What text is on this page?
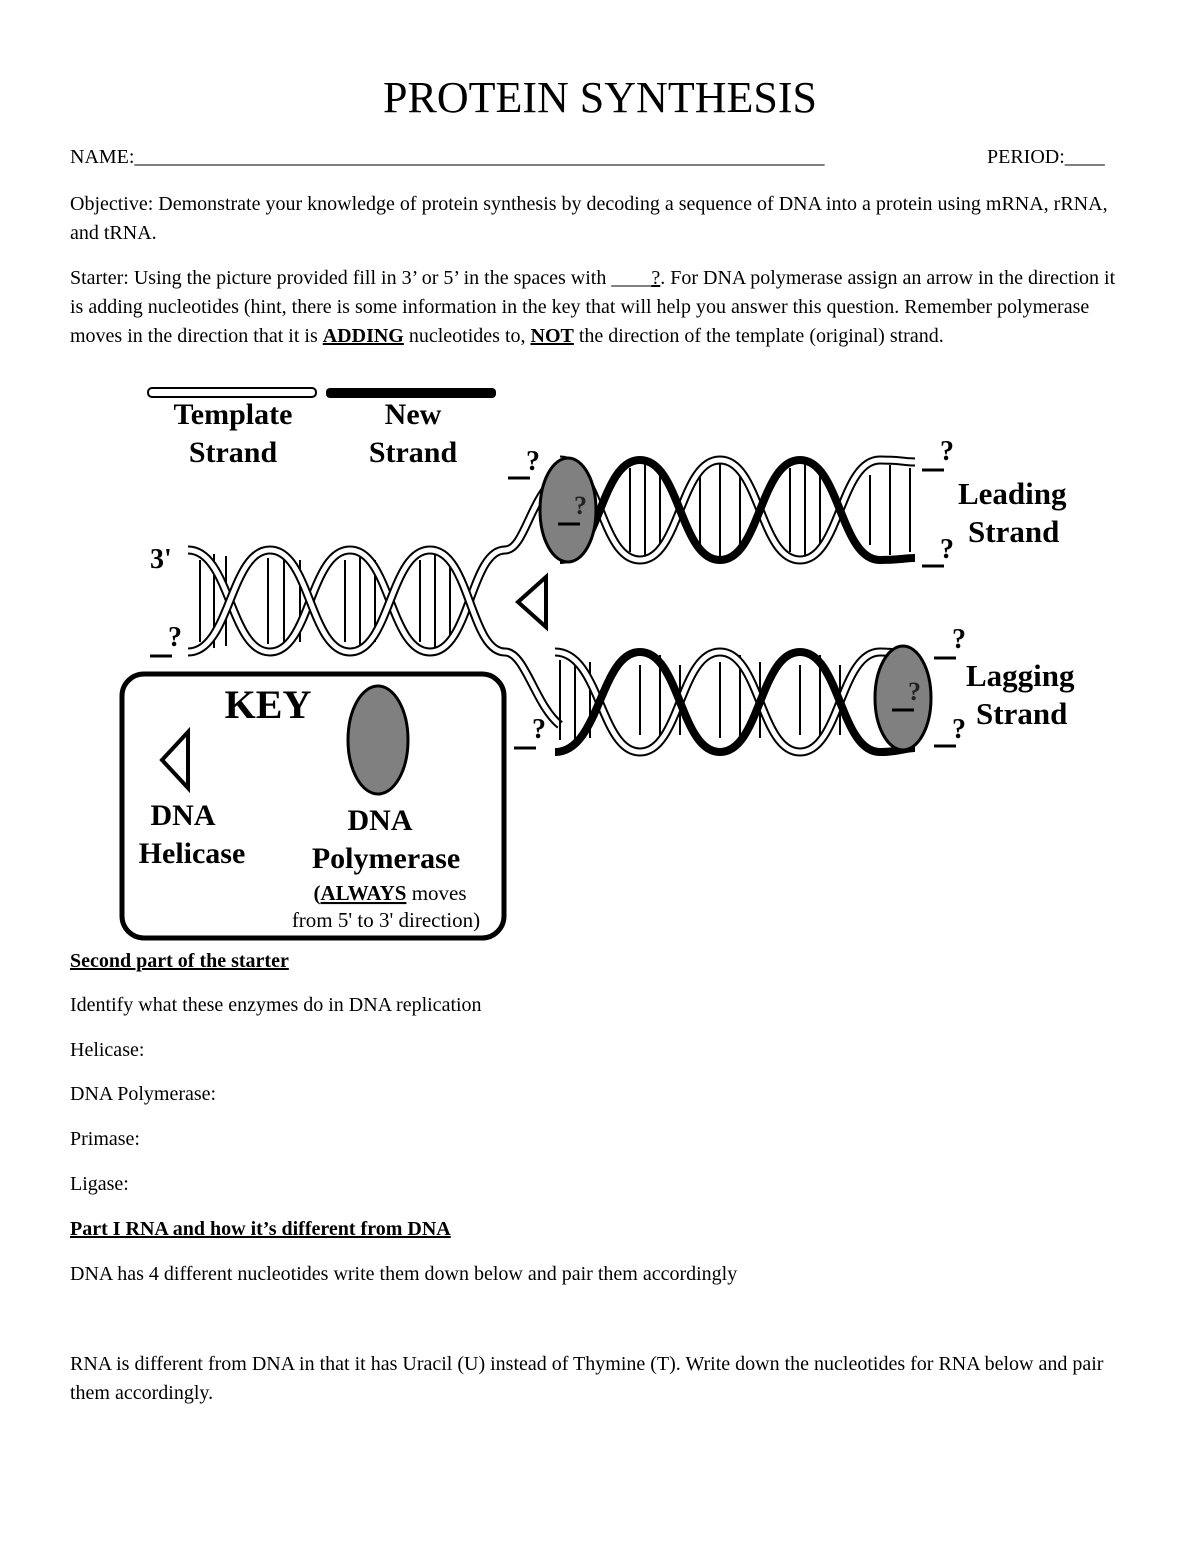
PROTEIN SYNTHESIS
NAME:_____________________________________________________________________	PERIOD:____

Objective: Demonstrate your knowledge of protein synthesis by decoding a sequence of DNA into a protein using mRNA, rRNA, and tRNA.

Starter: Using the picture provided fill in 3’ or 5’ in the spaces with ____?. For DNA polymerase assign an arrow in the direction it is adding nucleotides (hint, there is some information in the key that will help you answer this question. Remember polymerase moves in the direction that it is ADDING nucleotides to, NOT the direction of the template (original) strand.

Template
Strand
New
Strand
3'
?
?
?
?
?
Leading
Strand
?
?
?
?
Lagging
Strand
KEY
DNA
Helicase
DNA
Polymerase
(ALWAYS moves
from 5' to 3' direction)
Second part of the starter
Identify what these enzymes do in DNA replication
Helicase:
DNA Polymerase:
Primase:
Ligase:
Part I RNA and how it’s different from DNA
DNA has 4 different nucleotides write them down below and pair them accordingly

RNA is different from DNA in that it has Uracil (U) instead of Thymine (T). Write down the nucleotides for RNA below and pair them accordingly.
